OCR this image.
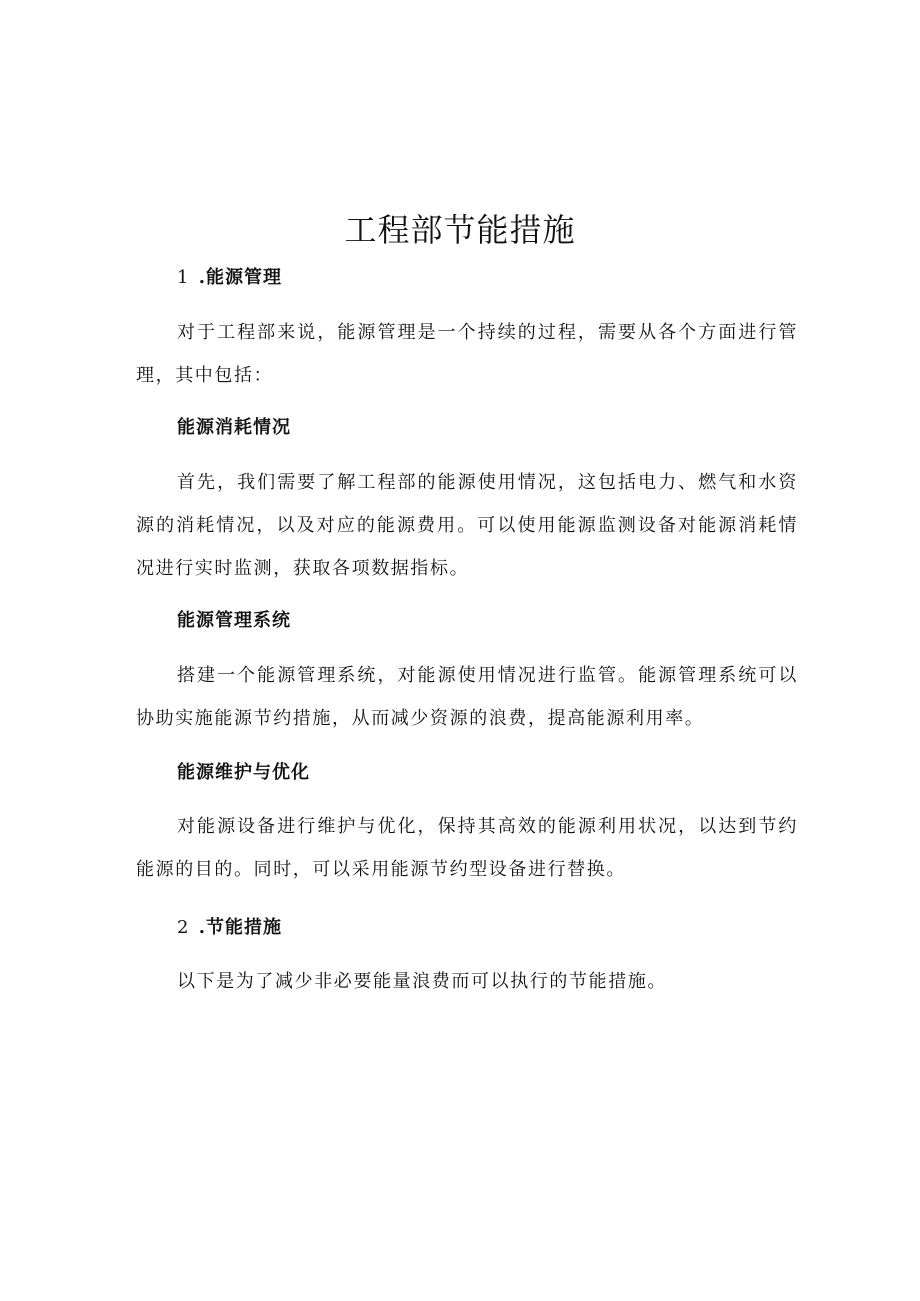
工程部节能措施
1 .能源管理

对于工程部来说，能源管理是一个持续的过程，需要从各个方面进行管理，其中包括：

能源消耗情况

首先，我们需要了解工程部的能源使用情况，这包括电力、燃气和水资源的消耗情况，以及对应的能源费用。可以使用能源监测设备对能源消耗情况进行实时监测，获取各项数据指标。

能源管理系统

搭建一个能源管理系统，对能源使用情况进行监管。能源管理系统可以协助实施能源节约措施，从而减少资源的浪费，提高能源利用率。

能源维护与优化

对能源设备进行维护与优化，保持其高效的能源利用状况，以达到节约能源的目的。同时，可以采用能源节约型设备进行替换。

2 .节能措施

以下是为了减少非必要能量浪费而可以执行的节能措施。
